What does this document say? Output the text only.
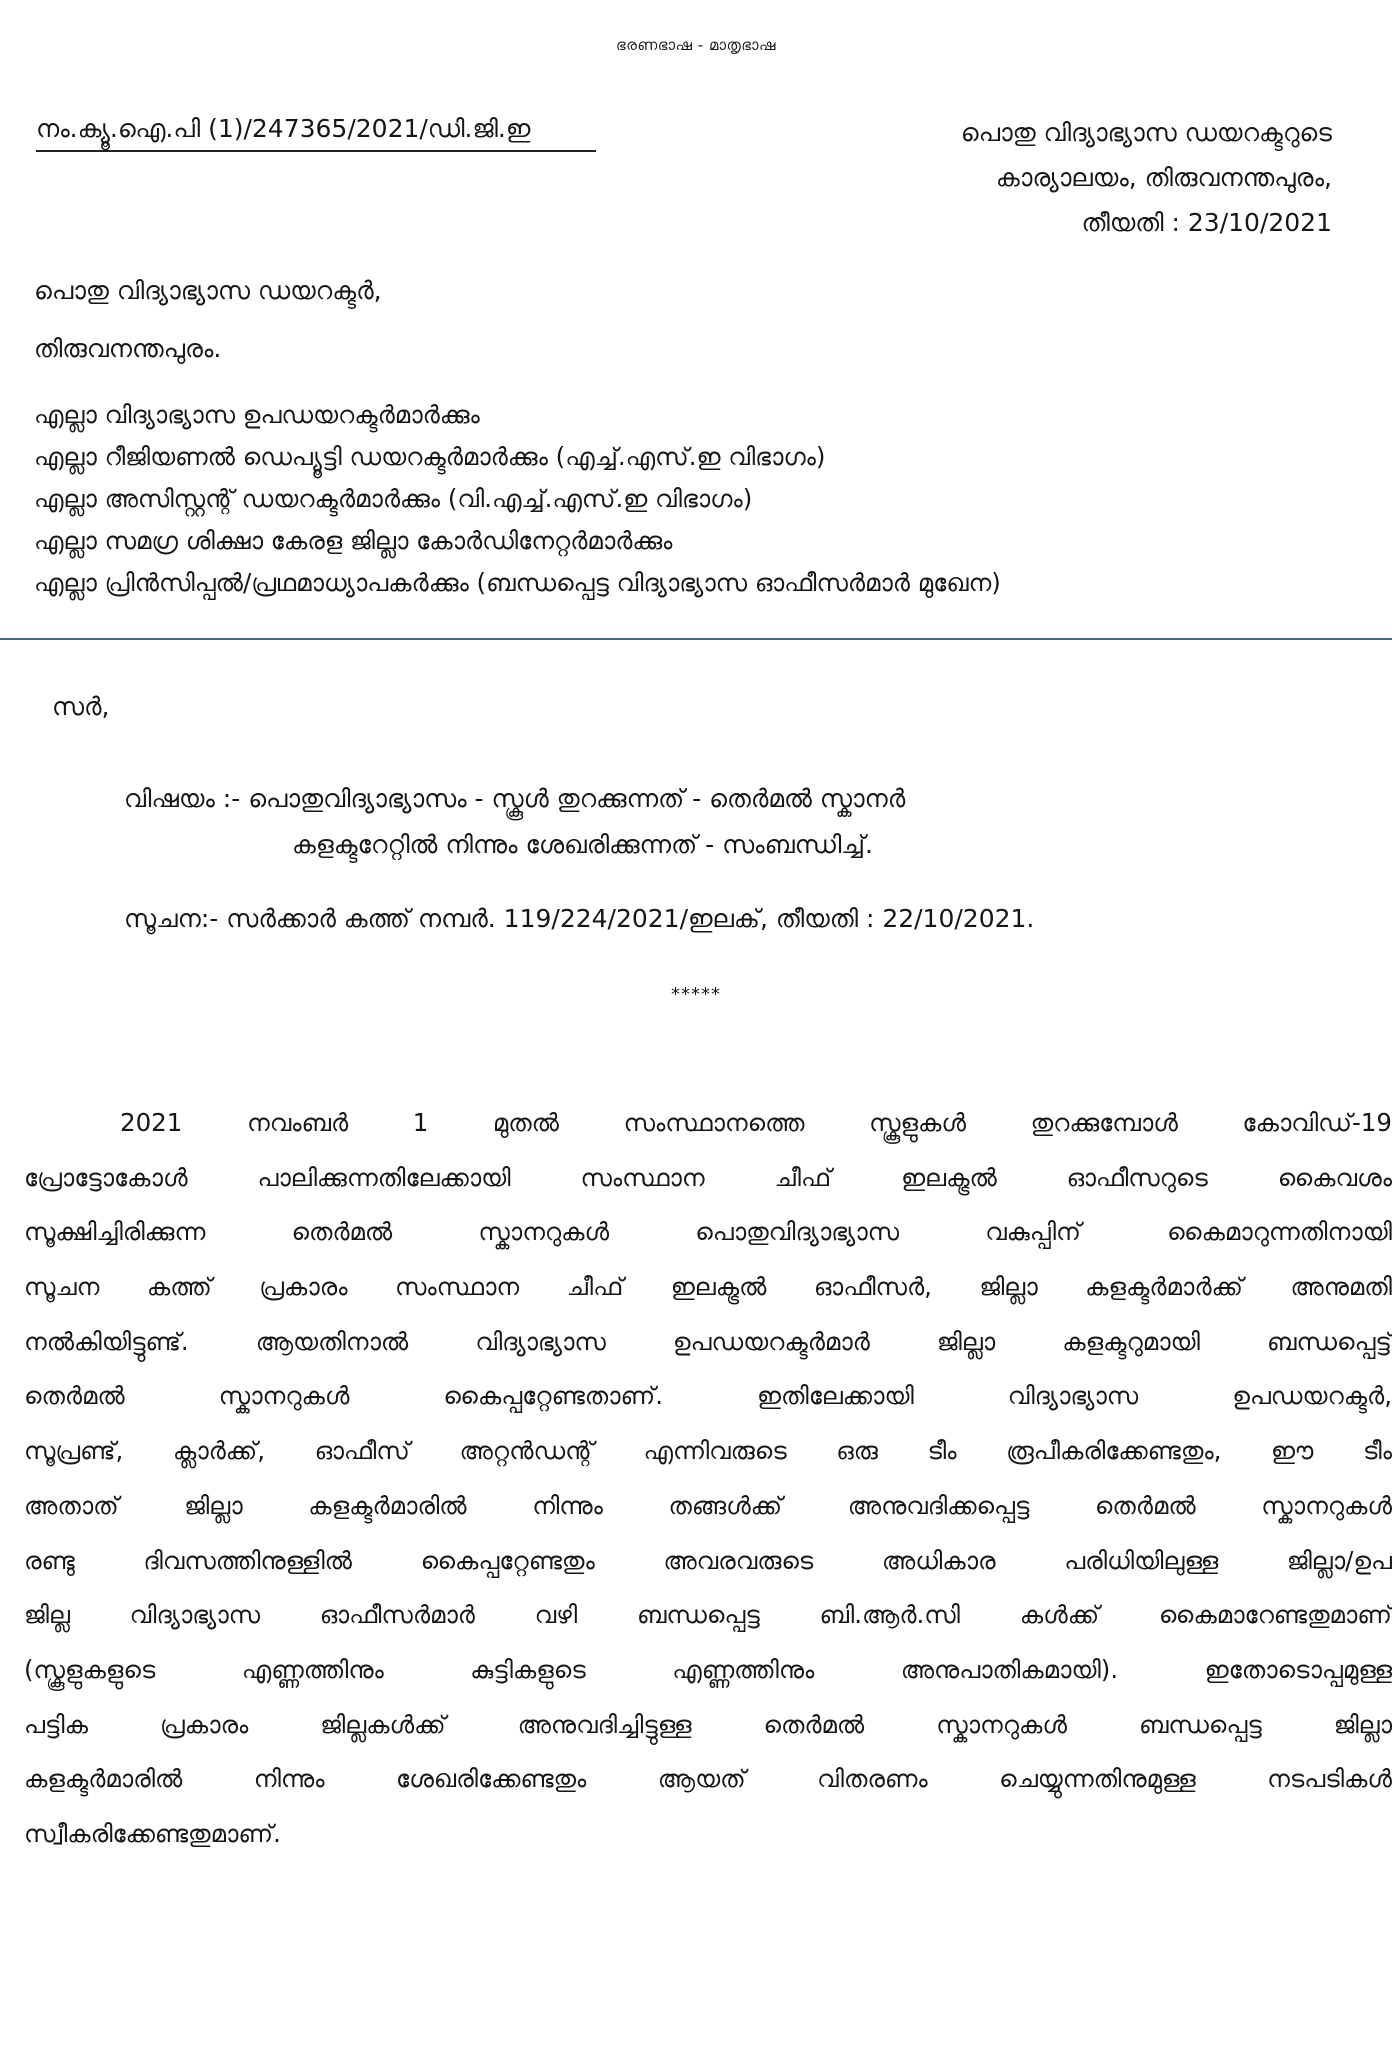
ഭരണഭാഷ - മാതൃഭാഷ
നം.ക്യൂ.ഐ.പി (1)/247365/2021/ഡി.ജി.ഇ	പൊതു വിദ്യാഭ്യാസ ഡയറക്ടറുടെ
കാര്യാലയം, തിരുവനന്തപുരം,
തീയതി : 23/10/2021
പൊതു വിദ്യാഭ്യാസ ഡയറക്ടർ,
തിരുവനന്തപുരം.
എല്ലാ വിദ്യാഭ്യാസ ഉപഡയറക്ടർമാർക്കും
എല്ലാ റീജിയണൽ ഡെപ്യൂട്ടി ഡയറക്ടർമാർക്കും (എച്ച്.എസ്.ഇ വിഭാഗം)
എല്ലാ അസിസ്റ്റന്റ് ഡയറക്ടർമാർക്കും (വി.എച്ച്.എസ്.ഇ വിഭാഗം)
എല്ലാ സമഗ്ര ശിക്ഷാ കേരള ജില്ലാ കോർഡിനേറ്റർമാർക്കും
എല്ലാ പ്രിൻസിപ്പൽ/പ്രഥമാധ്യാപകർക്കും (ബന്ധപ്പെട്ട വിദ്യാഭ്യാസ ഓഫീസർമാർ മുഖേന)
സർ,
വിഷയം :- പൊതുവിദ്യാഭ്യാസം - സ്കൂൾ തുറക്കുന്നത് - തെർമൽ സ്കാനർ
കളക്ടറേറ്റിൽ നിന്നും ശേഖരിക്കുന്നത് - സംബന്ധിച്ച്.
സൂചന:- സർക്കാർ കത്ത് നമ്പർ. 119/224/2021/ഇലക്, തീയതി : 22/10/2021.
*****
2021 നവംബർ 1 മുതൽ സംസ്ഥാനത്തെ സ്കൂളുകൾ തുറക്കുമ്പോൾ കോവിഡ്-19
പ്രോട്ടോകോൾ പാലിക്കുന്നതിലേക്കായി സംസ്ഥാന ചീഫ് ഇലക്ട്രൽ ഓഫീസറുടെ കൈവശം
സൂക്ഷിച്ചിരിക്കുന്ന തെർമൽ സ്കാനറുകൾ പൊതുവിദ്യാഭ്യാസ വകുപ്പിന് കൈമാറുന്നതിനായി
സൂചന കത്ത് പ്രകാരം സംസ്ഥാന ചീഫ് ഇലക്ട്രൽ ഓഫീസർ, ജില്ലാ കളക്ടർമാർക്ക് അനുമതി
നൽകിയിട്ടുണ്ട്. ആയതിനാൽ വിദ്യാഭ്യാസ ഉപഡയറക്ടർമാർ ജില്ലാ കളക്ടറുമായി ബന്ധപ്പെട്ട്
തെർമൽ സ്കാനറുകൾ കൈപ്പറ്റേണ്ടതാണ്. ഇതിലേക്കായി വിദ്യാഭ്യാസ ഉപഡയറക്ടർ,
സൂപ്രണ്ട്, ക്ലാർക്ക്, ഓഫീസ് അറ്റൻഡന്റ് എന്നിവരുടെ ഒരു ടീം രൂപീകരിക്കേണ്ടതും, ഈ ടീം
അതാത് ജില്ലാ കളക്ടർമാരിൽ നിന്നും തങ്ങൾക്ക് അനുവദിക്കപ്പെട്ട തെർമൽ സ്കാനറുകൾ
രണ്ടു ദിവസത്തിനുള്ളിൽ കൈപ്പറ്റേണ്ടതും അവരവരുടെ അധികാര പരിധിയിലുള്ള ജില്ലാ/ഉപ
ജില്ല വിദ്യാഭ്യാസ ഓഫീസർമാർ വഴി ബന്ധപ്പെട്ട ബി.ആർ.സി കൾക്ക് കൈമാറേണ്ടതുമാണ്
(സ്കൂളുകളുടെ എണ്ണത്തിനും കുട്ടികളുടെ എണ്ണത്തിനും അനുപാതികമായി). ഇതോടൊപ്പമുള്ള
പട്ടിക പ്രകാരം ജില്ലകൾക്ക് അനുവദിച്ചിട്ടുള്ള തെർമൽ സ്കാനറുകൾ ബന്ധപ്പെട്ട ജില്ലാ
കളക്ടർമാരിൽ നിന്നും ശേഖരിക്കേണ്ടതും ആയത് വിതരണം ചെയ്യുന്നതിനുമുള്ള നടപടികൾ
സ്വീകരിക്കേണ്ടതുമാണ്.
